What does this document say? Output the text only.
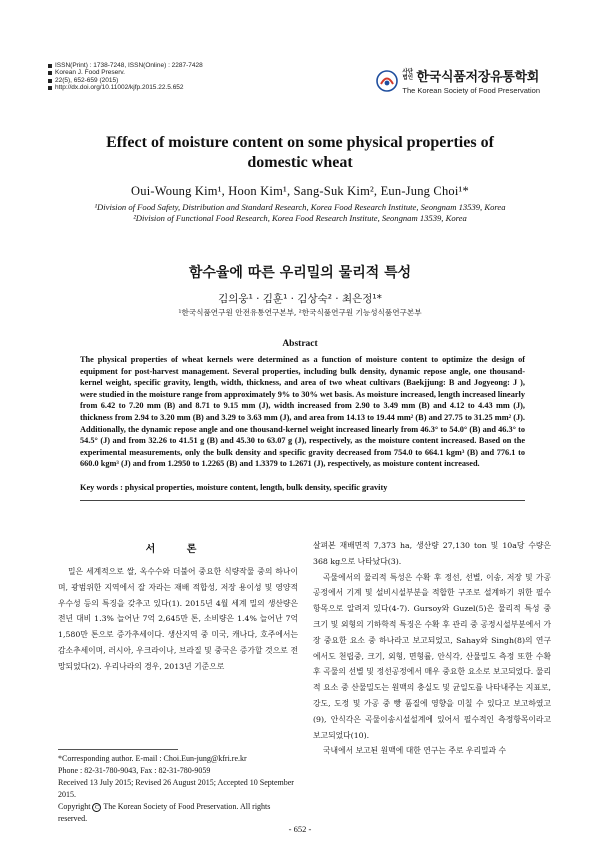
ISSN(Print) : 1738-7248, ISSN(Online) : 2287-7428
Korean J. Food Preserv.
22(5), 652-659 (2015)
http://dx.doi.org/10.11002/kjfp.2015.22.5.652
사단법인 한국식품저장유통학회
The Korean Society of Food Preservation
Effect of moisture content on some physical properties of
domestic wheat
Oui-Woung Kim¹, Hoon Kim¹, Sang-Suk Kim², Eun-Jung Choi¹*
¹Division of Food Safety, Distribution and Standard Research, Korea Food Research Institute, Seongnam 13539, Korea
²Division of Functional Food Research, Korea Food Research Institute, Seongnam 13539, Korea
함수율에 따른 우리밀의 물리적 특성
김의웅¹ · 김훈¹ · 김상숙² · 최은정¹*
¹한국식품연구원 안전유통연구본부, ²한국식품연구원 기능성식품연구본부
Abstract
The physical properties of wheat kernels were determined as a function of moisture content to optimize the design of equipment for post-harvest management. Several properties, including bulk density, dynamic repose angle, one thousand-kernel weight, specific gravity, length, width, thickness, and area of two wheat cultivars (Baekjjung: B and Jogyeong: J ), were studied in the moisture range from approximately 9% to 30% wet basis. As moisture increased, length increased linearly from 6.42 to 7.20 mm (B) and 8.71 to 9.15 mm (J), width increased from 2.90 to 3.49 mm (B) and 4.12 to 4.43 mm (J), thickness from 2.94 to 3.20 mm (B) and 3.29 to 3.63 mm (J), and area from 14.13 to 19.44 mm² (B) and 27.75 to 31.25 mm² (J). Additionally, the dynamic repose angle and one thousand-kernel weight increased linearly from 46.3° to 54.0° (B) and 46.3° to 54.5° (J) and from 32.26 to 41.51 g (B) and 45.30 to 63.07 g (J), respectively, as the moisture content increased. Based on the experimental measurements, only the bulk density and specific gravity decreased from 754.0 to 664.1 kgm³ (B) and 776.1 to 660.0 kgm³ (J) and from 1.2950 to 1.2265 (B) and 1.3379 to 1.2671 (J), respectively, as moisture content increased.
Key words : physical properties, moisture content, length, bulk density, specific gravity
서 론

밀은 세계적으로 쌀, 옥수수와 더불어 중요한 식량작물 중의 하나이며, 광범위한 지역에서 잘 자라는 재배 적합성, 저장 용이성 및 영양적 우수성 등의 특징을 갖추고 있다(1). 2015년 4월 세계 밀의 생산량은 전년 대비 1.3% 늘어난 7억 2,645만 톤, 소비량은 1.4% 늘어난 7억 1,580만 톤으로 증가추세이다. 생산지역 중 미국, 캐나다, 호주에서는 감소추세이며, 러시아, 우크라이나, 브라질 및 중국은 증가할 것으로 전망되었다(2). 우리나라의 경우, 2013년 기준으로

살펴본 재배면적 7,373 ha, 생산량 27,130 ton 및 10a당 수량은 368 kg으로 나타났다(3).

곡물에서의 물리적 특성은 수확 후 정선, 선별, 이송, 저장 및 가공 공정에서 기계 및 설비시설부분을 적합한 구조로 설계하기 위한 필수항목으로 알려져 있다(4-7). Gursoy와 Guzel(5)은 물리적 특성 중 크기 및 외형의 기하학적 특징은 수확 후 관리 중 공정시설부분에서 가장 중요한 요소 중 하나라고 보고되었고, Sahay와 Singh(8)의 연구에서도 천립중, 크기, 외형, 면형률, 안식각, 산물밀도 측정 또한 수확 후 곡물의 선별 및 정선공정에서 매우 중요한 요소로 보고되었다. 물리적 요소 중 산물밀도는 원맥의 충실도 및 균일도를 나타내주는 지표로, 강도, 도정 및 가공 중 빵 품질에 영향을 미칠 수 있다고 보고하였고(9), 안식각은 곡물이송시설설계에 있어서 필수적인 측정항목이라고 보고되었다(10).

국내에서 보고된 원맥에 대한 연구는 주로 우리밀과 수

*Corresponding author. E-mail : Choi.Eun-jung@kfri.re.kr
Phone : 82-31-780-9043, Fax : 82-31-780-9059
Received 13 July 2015; Revised 26 August 2015; Accepted 10 September 2015.
Copyright C The Korean Society of Food Preservation. All rights reserved.
- 652 -
